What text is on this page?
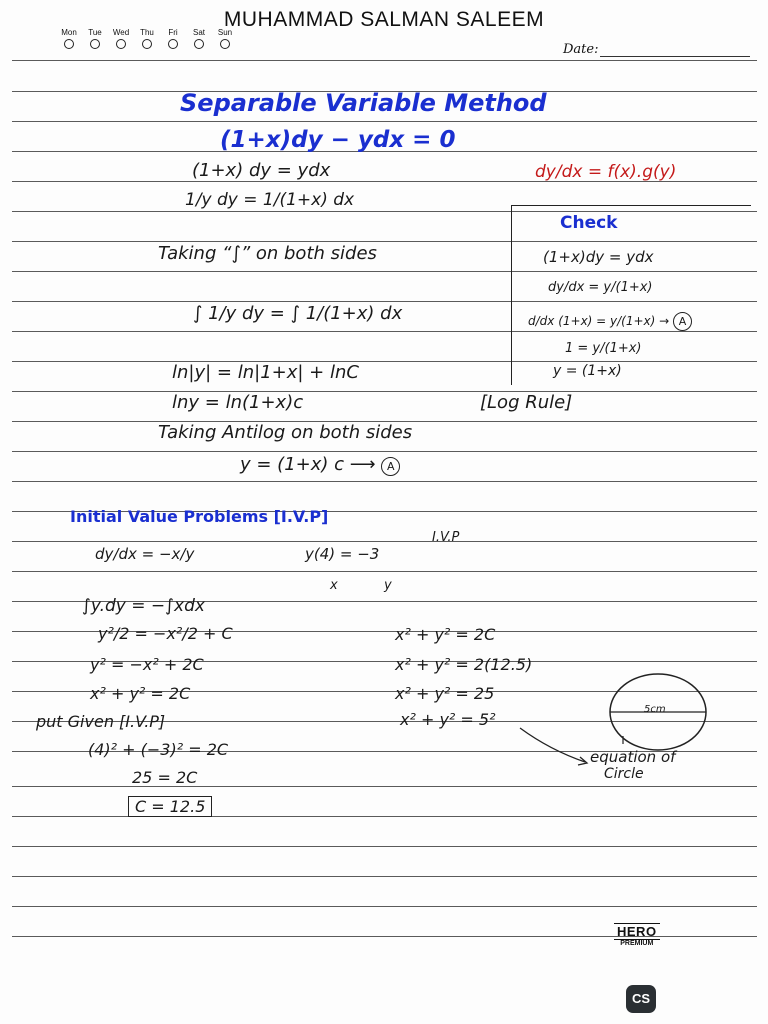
MUHAMMAD SALMAN SALEEM
Mon Tue Wed Thu Fri Sat Sun
Date:
Separable Variable Method
(1+x)dy − ydx = 0
(1+x) dy = ydx
1/y dy = 1/(1+x) dx
Taking “∫” on both sides
∫ 1/y dy = ∫ 1/(1+x) dx
ln|y| = ln|1+x| + lnC
lny = ln(1+x)c	[Log Rule]
Taking Antilog on both sides
y = (1+x) c ⟶ A
dy/dx = f(x).g(y)
Check
(1+x)dy = ydx
dy/dx = y/(1+x)
d/dx (1+x) = y/(1+x) → A
1 = y/(1+x)
y = (1+x)
Initial Value Problems [I.V.P]
dy/dx = −x/y	y(4) = −3
I.V.P
x	y
∫y.dy = −∫xdx
y²/2 = −x²/2 + C
y² = −x² + 2C
x² + y² = 2C
put Given [I.V.P]
(4)² + (−3)² = 2C
25 = 2C
C = 12.5
x² + y² = 2C
x² + y² = 2(12.5)
x² + y² = 25
x² + y² = 5²
5cm
equation of
Circle
HERO
PREMIUM
CS
